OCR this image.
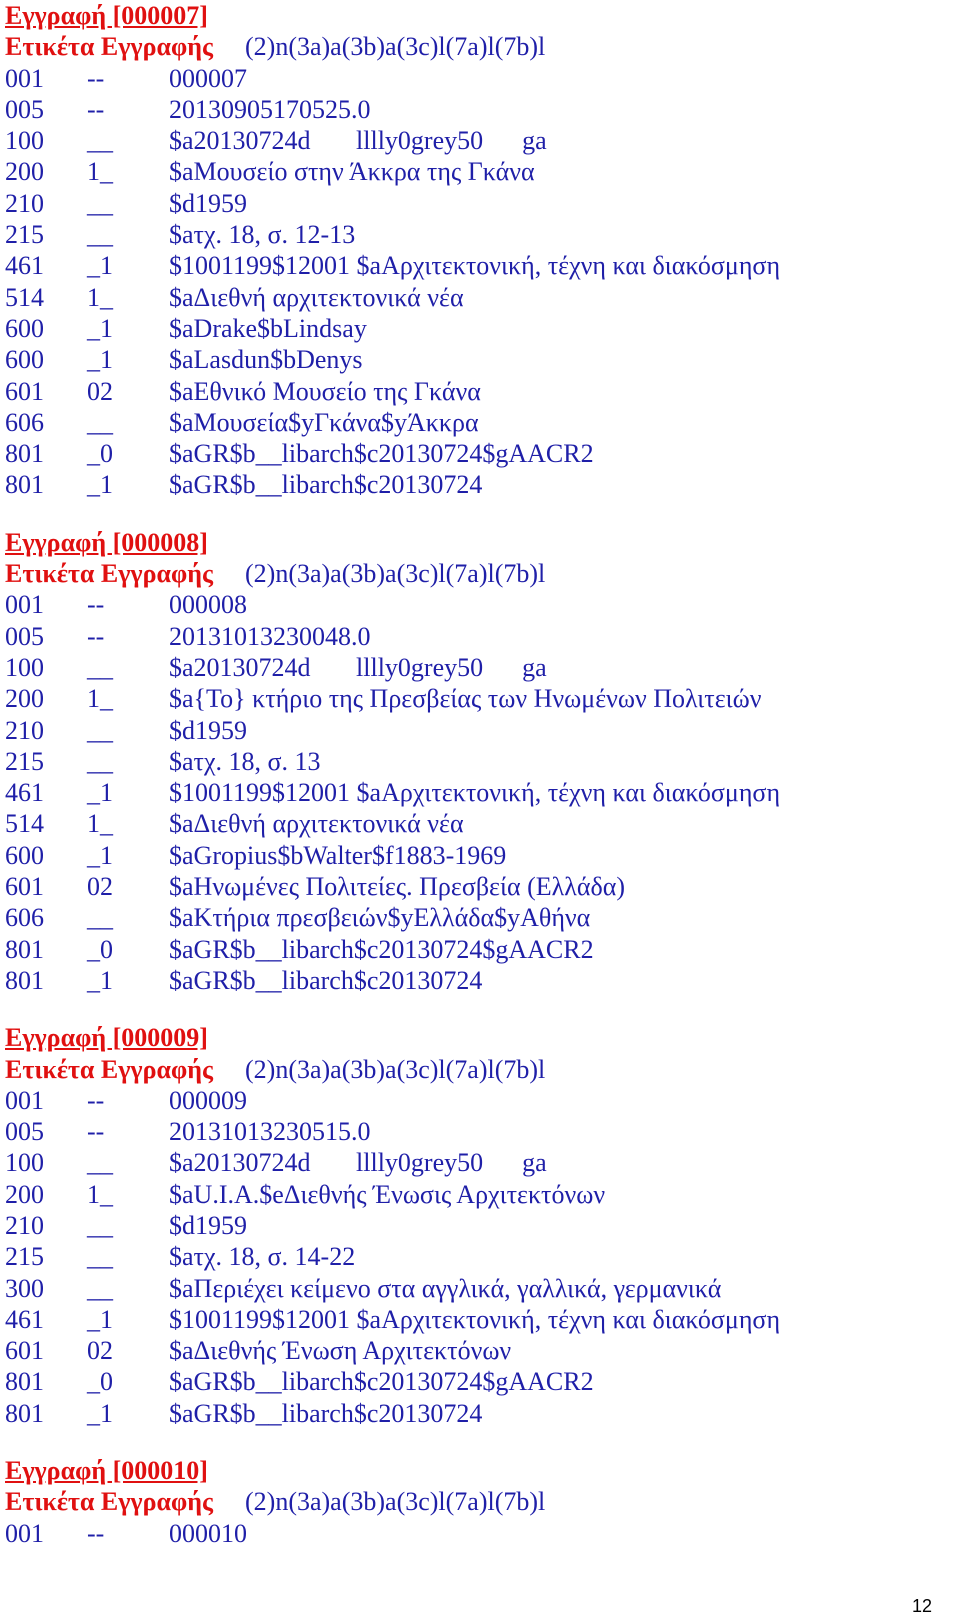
Εγγραφή [000007]
Ετικέτα Εγγραφής	(2)n(3a)a(3b)a(3c)l(7a)l(7b)l
001	--	000007
005	--	20130905170525.0
100	__	$a20130724d       lllly0grey50      ga
200	1_	$aΜουσείο στην Άκκρα της Γκάνα
210	__	$d1959
215	__	$aτχ. 18, σ. 12-13
461	_1	$1001199$12001 $aΑρχιτεκτονική, τέχνη και διακόσμηση
514	1_	$aΔιεθνή αρχιτεκτονικά νέα
600	_1	$aDrake$bLindsay
600	_1	$aLasdun$bDenys
601	02	$aΕθνικό Μουσείο της Γκάνα
606	__	$aΜουσεία$yΓκάνα$yΆκκρα
801	_0	$aGR$b__libarch$c20130724$gAACR2
801	_1	$aGR$b__libarch$c20130724
Εγγραφή [000008]
Ετικέτα Εγγραφής	(2)n(3a)a(3b)a(3c)l(7a)l(7b)l
001	--	000008
005	--	20131013230048.0
100	__	$a20130724d       lllly0grey50      ga
200	1_	$a{Το} κτήριο της Πρεσβείας των Ηνωμένων Πολιτειών
210	__	$d1959
215	__	$aτχ. 18, σ. 13
461	_1	$1001199$12001 $aΑρχιτεκτονική, τέχνη και διακόσμηση
514	1_	$aΔιεθνή αρχιτεκτονικά νέα
600	_1	$aGropius$bWalter$f1883-1969
601	02	$aΗνωμένες Πολιτείες. Πρεσβεία (Ελλάδα)
606	__	$aΚτήρια πρεσβειών$yΕλλάδα$yΑθήνα
801	_0	$aGR$b__libarch$c20130724$gAACR2
801	_1	$aGR$b__libarch$c20130724
Εγγραφή [000009]
Ετικέτα Εγγραφής	(2)n(3a)a(3b)a(3c)l(7a)l(7b)l
001	--	000009
005	--	20131013230515.0
100	__	$a20130724d       lllly0grey50      ga
200	1_	$aU.I.A.$eΔιεθνής Ένωσις Αρχιτεκτόνων
210	__	$d1959
215	__	$aτχ. 18, σ. 14-22
300	__	$aΠεριέχει κείμενο στα αγγλικά, γαλλικά, γερμανικά
461	_1	$1001199$12001 $aΑρχιτεκτονική, τέχνη και διακόσμηση
601	02	$aΔιεθνής Ένωση Αρχιτεκτόνων
801	_0	$aGR$b__libarch$c20130724$gAACR2
801	_1	$aGR$b__libarch$c20130724
Εγγραφή [000010]
Ετικέτα Εγγραφής	(2)n(3a)a(3b)a(3c)l(7a)l(7b)l
001	--	000010
12
